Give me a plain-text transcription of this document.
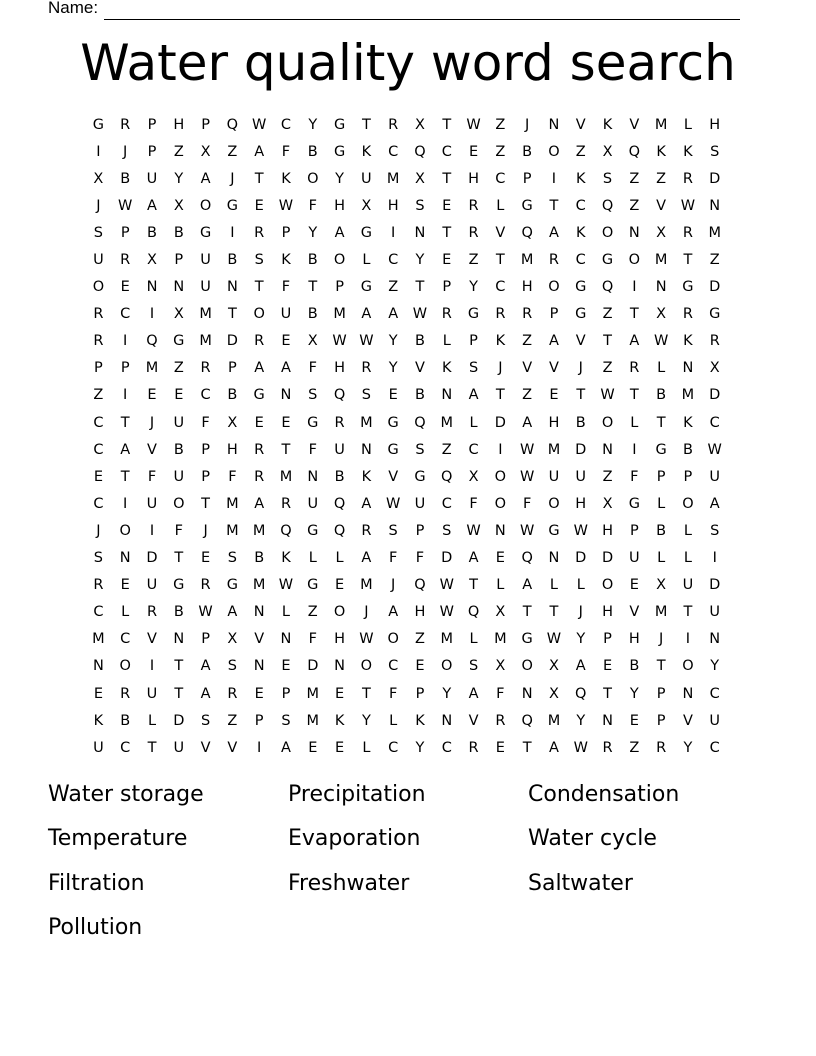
Name:
Water quality word search
G	R	P	H	P	Q W	C	Y	G	T	R	X	T	W	Z	J	N	V	K	V	M	L	H
I	J	P	Z	X	Z	A	F	B	G	K	C	Q	C	E	Z	B	O	Z	X	Q	K	K	S
X	B	U	Y	A	J	T	K	O	Y	U	M	X	T	H	C	P	I	K	S	Z	Z	R	D
J	W	A	X	O	G	E	W	F	H	X	H	S	E	R	L	G	T	C	Q	Z	V	W N
S	P	B	B	G	I	R	P	Y	A	G	I	N	T	R	V	Q	A	K	O	N	X	R	M
U	R	X	P	U	B	S	K	B	O	L	C	Y	E	Z	T	M	R	C	G	O	M	T	Z
O	E	N	N	U	N	T	F	T	P	G	Z	T	P	Y	C	H	O	G	Q	I	N	G	D
R	C	I	X	M	T	O	U	B	M	A	A	W	R	G	R	R	P	G	Z	T	X	R	G
R	I	Q	G	M	D	R	E	X	W W	Y	B	L	P	K	Z	A	V	T	A	W	K	R
P	P	M	Z	R	P	A	A	F	H	R	Y	V	K	S	J	V	V	J	Z	R	L	N	X
Z	I	E	E	C	B	G	N	S	Q	S	E	B	N	A	T	Z	E	T	W	T	B	M	D
C	T	J	U	F	X	E	E	G	R	M	G	Q	M	L	D	A	H	B	O	L	T	K	C
C	A	V	B	P	H	R	T	F	U	N	G	S	Z	C	I	W M	D	N	I	G	B	W
E	T	F	U	P	F	R	M	N	B	K	V	G	Q	X	O W U	U	Z	F	P	P	U
C	I	U	O	T	M	A	R	U	Q	A	W U	C	F	O	F	O	H	X	G	L	O	A
J	O	I	F	J	M M	Q	G	Q	R	S	P	S	W N W G W H	P	B	L	S
S	N	D	T	E	S	B	K	L	L	A	F	F	D	A	E	Q	N	D	D	U	L	L	I
R	E	U	G	R	G	M W G	E	M	J	Q W	T	L	A	L	L	O	E	X	U	D
C	L	R	B	W	A	N	L	Z	O	J	A	H W Q	X	T	T	J	H	V	M	T	U
M	C	V	N	P	X	V	N	F	H W O	Z	M	L	M	G W	Y	P	H	J	I	N
N	O	I	T	A	S	N	E	D	N	O	C	E	O	S	X	O	X	A	E	B	T	O	Y
E	R	U	T	A	R	E	P	M	E	T	F	P	Y	A	F	N	X	Q	T	Y	P	N	C
K	B	L	D	S	Z	P	S	M	K	Y	L	K	N	V	R	Q	M	Y	N	E	P	V	U
U	C	T	U	V	V	I	A	E	E	L	C	Y	C	R	E	T	A	W	R	Z	R	Y	C
Water storage	Precipitation	Condensation
Temperature	Evaporation	Water cycle
Filtration	Freshwater	Saltwater
Pollution
